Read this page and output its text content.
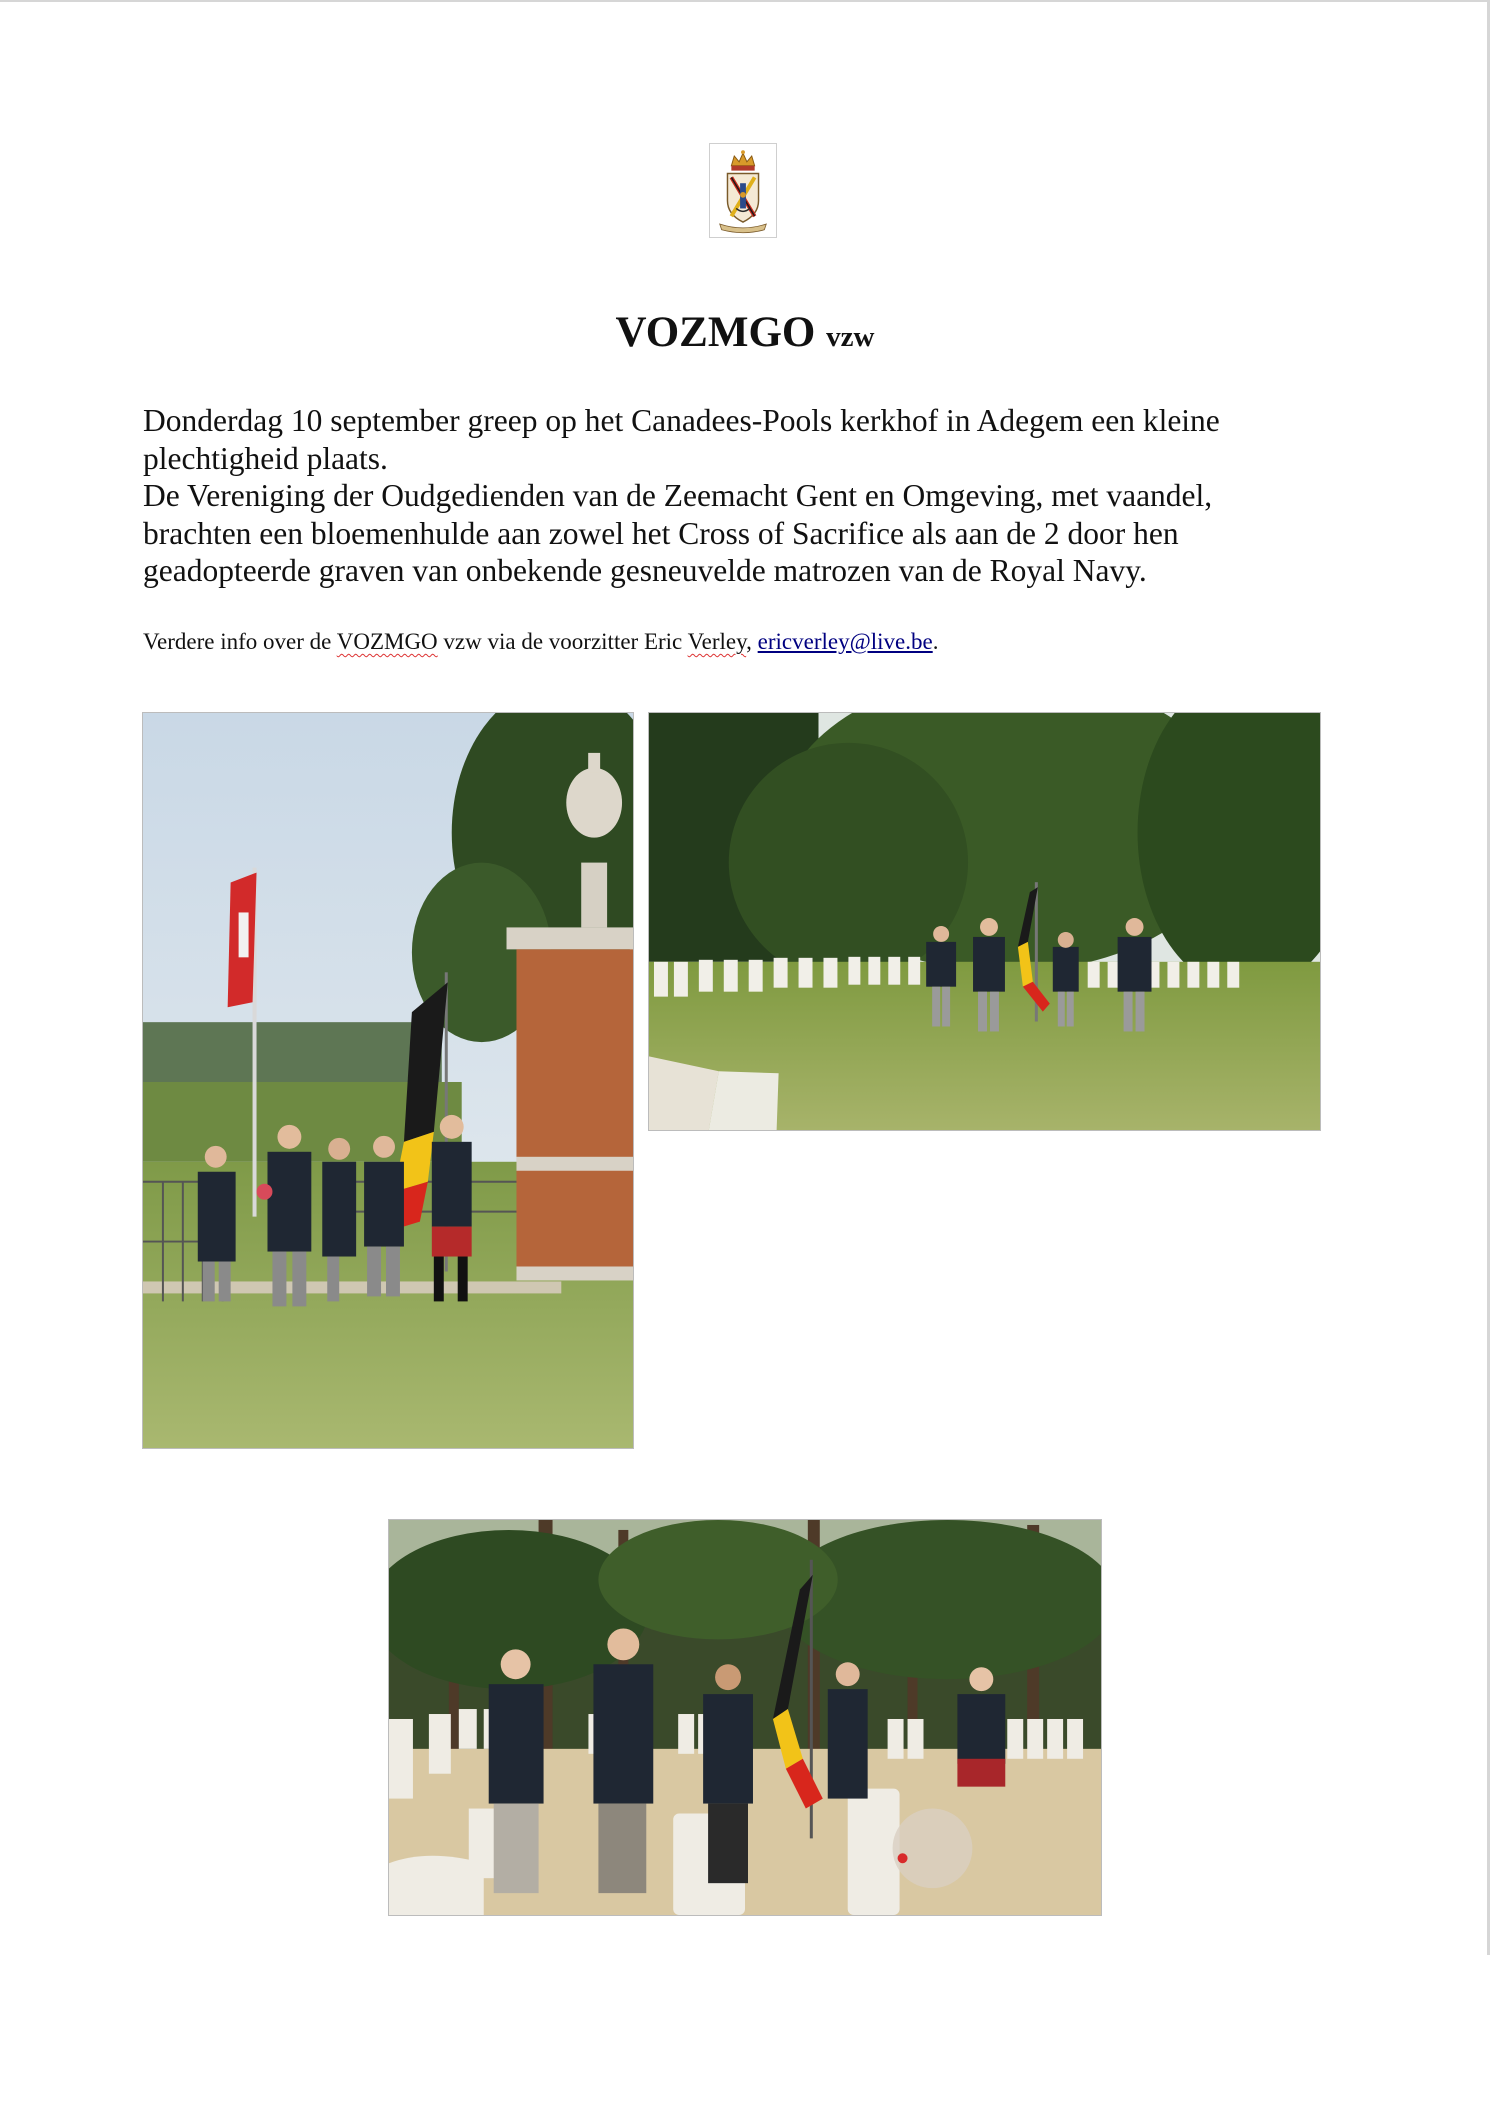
VOZMGO vzw

Donderdag 10 september greep op het Canadees-Pools kerkhof in Adegem een kleine

plechtigheid plaats.

De Vereniging der Oudgedienden van de Zeemacht Gent en Omgeving, met vaandel,

brachten een bloemenhulde aan zowel het Cross of Sacrifice als aan de 2 door hen

geadopteerde graven van onbekende gesneuvelde matrozen van de Royal Navy.

Verdere info over de VOZMGO vzw via de voorzitter Eric Verley, ericverley@live.be.
